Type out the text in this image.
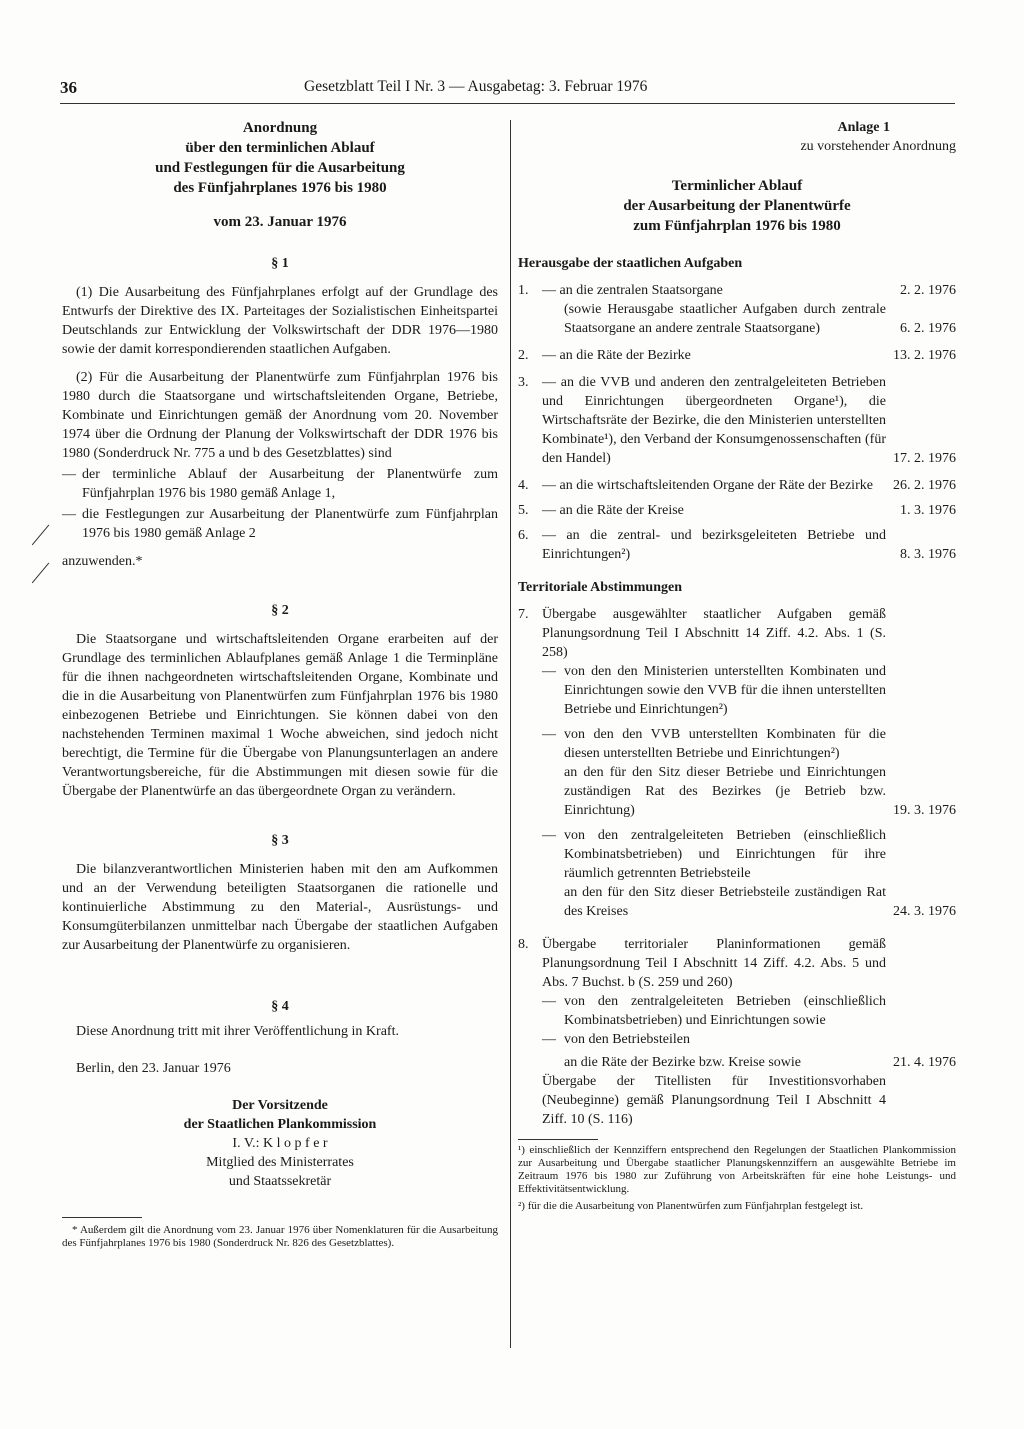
36	Gesetzblatt Teil I Nr. 3 — Ausgabetag: 3. Februar 1976
Anordnung
über den terminlichen Ablauf
und Festlegungen für die Ausarbeitung
des Fünfjahrplanes 1976 bis 1980
vom 23. Januar 1976
§ 1

(1) Die Ausarbeitung des Fünfjahrplanes erfolgt auf der Grundlage des Entwurfs der Direktive des IX. Parteitages der Sozialistischen Einheitspartei Deutschlands zur Entwicklung der Volkswirtschaft der DDR 1976—1980 sowie der damit korrespondierenden staatlichen Aufgaben.

(2) Für die Ausarbeitung der Planentwürfe zum Fünfjahrplan 1976 bis 1980 durch die Staatsorgane und wirtschaftsleitenden Organe, Betriebe, Kombinate und Einrichtungen gemäß der Anordnung vom 20. November 1974 über die Ordnung der Planung der Volkswirtschaft der DDR 1976 bis 1980 (Sonderdruck Nr. 775 a und b des Gesetzblattes) sind

— der terminliche Ablauf der Ausarbeitung der Planentwürfe zum Fünfjahrplan 1976 bis 1980 gemäß Anlage 1,
— die Festlegungen zur Ausarbeitung der Planentwürfe zum Fünfjahrplan 1976 bis 1980 gemäß Anlage 2

anzuwenden.*

§ 2

Die Staatsorgane und wirtschaftsleitenden Organe erarbeiten auf der Grundlage des terminlichen Ablaufplanes gemäß Anlage 1 die Terminpläne für die ihnen nachgeordneten wirtschaftsleitenden Organe, Kombinate und die in die Ausarbeitung von Planentwürfen zum Fünfjahrplan 1976 bis 1980 einbezogenen Betriebe und Einrichtungen. Sie können dabei von den nachstehenden Terminen maximal 1 Woche abweichen, sind jedoch nicht berechtigt, die Termine für die Übergabe von Planungsunterlagen an andere Verantwortungsbereiche, für die Abstimmungen mit diesen sowie für die Übergabe der Planentwürfe an das übergeordnete Organ zu verändern.

§ 3

Die bilanzverantwortlichen Ministerien haben mit den am Aufkommen und an der Verwendung beteiligten Staatsorganen die rationelle und kontinuierliche Abstimmung zu den Material-, Ausrüstungs- und Konsumgüterbilanzen unmittelbar nach Übergabe der staatlichen Aufgaben zur Ausarbeitung der Planentwürfe zu organisieren.

§ 4

Diese Anordnung tritt mit ihrer Veröffentlichung in Kraft.

Berlin, den 23. Januar 1976

Der Vorsitzende
der Staatlichen Plankommission
I. V.: K l o p f e r
Mitglied des Ministerrates
und Staatssekretär

* Außerdem gilt die Anordnung vom 23. Januar 1976 über Nomenklaturen für die Ausarbeitung des Fünfjahrplanes 1976 bis 1980 (Sonderdruck Nr. 826 des Gesetzblattes).

Anlage 1
zu vorstehender Anordnung
Terminlicher Ablauf
der Ausarbeitung der Planentwürfe
zum Fünfjahrplan 1976 bis 1980
Herausgabe der staatlichen Aufgaben
1. — an die zentralen Staatsorgane	2. 2. 1976
(sowie Herausgabe staatlicher Aufgaben durch zentrale Staatsorgane an andere zentrale Staatsorgane)	6. 2. 1976
2. — an die Räte der Bezirke	13. 2. 1976
3. — an die VVB und anderen den zentralgeleiteten Betrieben und Einrichtungen übergeordneten Organe¹), die Wirtschaftsräte der Bezirke, die den Ministerien unterstellten Kombinate¹), den Verband der Konsumgenossenschaften (für den Handel)	17. 2. 1976
4. — an die wirtschaftsleitenden Organe der Räte der Bezirke	26. 2. 1976
5. — an die Räte der Kreise	1. 3. 1976
6. — an die zentral- und bezirksgeleiteten Betriebe und Einrichtungen²)	8. 3. 1976
Territoriale Abstimmungen
7. Übergabe ausgewählter staatlicher Aufgaben gemäß Planungsordnung Teil I Abschnitt 14 Ziff. 4.2. Abs. 1 (S. 258)
— von den den Ministerien unterstellten Kombinaten und Einrichtungen sowie den VVB für die ihnen unterstellten Betriebe und Einrichtungen²)
— von den den VVB unterstellten Kombinaten für die diesen unterstellten Betriebe und Einrichtungen²)
an den für den Sitz dieser Betriebe und Einrichtungen zuständigen Rat des Bezirkes (je Betrieb bzw. Einrichtung)	19. 3. 1976
— von den zentralgeleiteten Betrieben (einschließlich Kombinatsbetrieben) und Einrichtungen für ihre räumlich getrennten Betriebsteile
an den für den Sitz dieser Betriebsteile zuständigen Rat des Kreises	24. 3. 1976
8. Übergabe territorialer Planinformationen gemäß Planungsordnung Teil I Abschnitt 14 Ziff. 4.2. Abs. 5 und Abs. 7 Buchst. b (S. 259 und 260)
— von den zentralgeleiteten Betrieben (einschließlich Kombinatsbetrieben) und Einrichtungen sowie
— von den Betriebsteilen
an die Räte der Bezirke bzw. Kreise sowie	21. 4. 1976
Übergabe der Titellisten für Investitionsvorhaben (Neubeginne) gemäß Planungsordnung Teil I Abschnitt 4 Ziff. 10 (S. 116)

¹) einschließlich der Kennziffern entsprechend den Regelungen der Staatlichen Plankommission zur Ausarbeitung und Übergabe staatlicher Planungskennziffern an ausgewählte Betriebe im Zeitraum 1976 bis 1980 zur Zuführung von Arbeitskräften für eine hohe Leistungs- und Effektivitätsentwicklung.

²) für die die Ausarbeitung von Planentwürfen zum Fünfjahrplan festgelegt ist.
